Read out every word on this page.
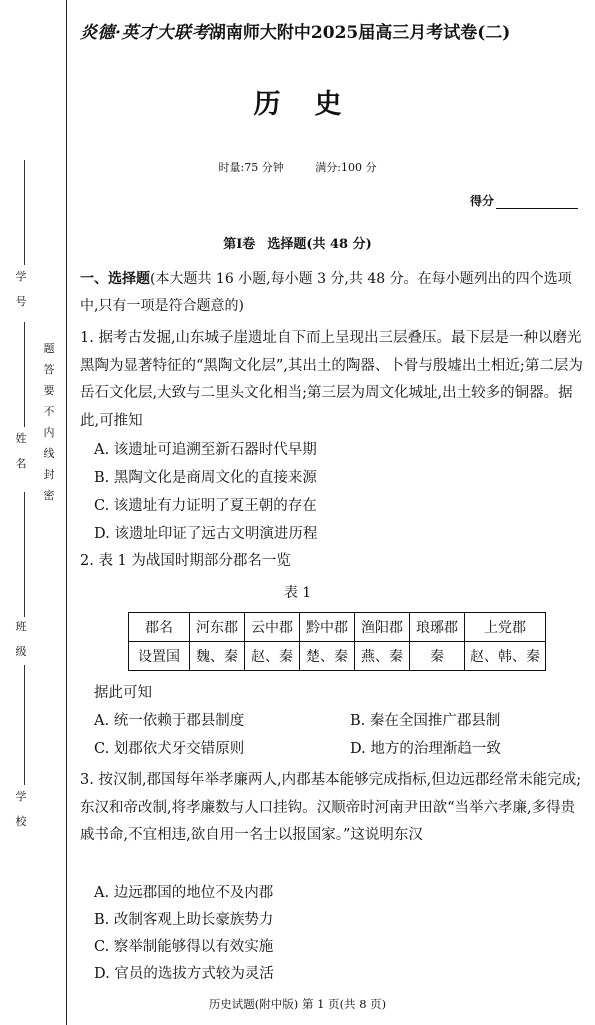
学
号
姓
名
班
级
学
校
题
答
要
不
内
线
封
密
炎德·英才大联考湖南师大附中2025届高三月考试卷(二)
历史
时量:75 分钟	满分:100 分
得分
第Ⅰ卷 选择题(共 48 分)
一、选择题(本大题共 16 小题,每小题 3 分,共 48 分。在每小题列出的四个选项中,只有一项是符合题意的)
1. 据考古发掘,山东城子崖遗址自下而上呈现出三层叠压。最下层是一种以磨光黑陶为显著特征的“黑陶文化层”,其出土的陶器、卜骨与殷墟出土相近;第二层为岳石文化层,大致与二里头文化相当;第三层为周文化城址,出土较多的铜器。据此,可推知
A. 该遗址可追溯至新石器时代早期
B. 黑陶文化是商周文化的直接来源
C. 该遗址有力证明了夏王朝的存在
D. 该遗址印证了远古文明演进历程
2. 表 1 为战国时期部分郡名一览
表 1
郡名	河东郡	云中郡	黔中郡	渔阳郡	琅琊郡	上党郡
设置国	魏、秦	赵、秦	楚、秦	燕、秦	秦	赵、韩、秦
据此可知
A. 统一依赖于郡县制度	B. 秦在全国推广郡县制
C. 划郡依犬牙交错原则	D. 地方的治理渐趋一致
3. 按汉制,郡国每年举孝廉两人,内郡基本能够完成指标,但边远郡经常未能完成;东汉和帝改制,将孝廉数与人口挂钩。汉顺帝时河南尹田歆“当举六孝廉,多得贵戚书命,不宜相违,欲自用一名士以报国家。”这说明东汉
A. 边远郡国的地位不及内郡
B. 改制客观上助长豪族势力
C. 察举制能够得以有效实施
D. 官员的选拔方式较为灵活
历史试题(附中版) 第 1 页(共 8 页)
